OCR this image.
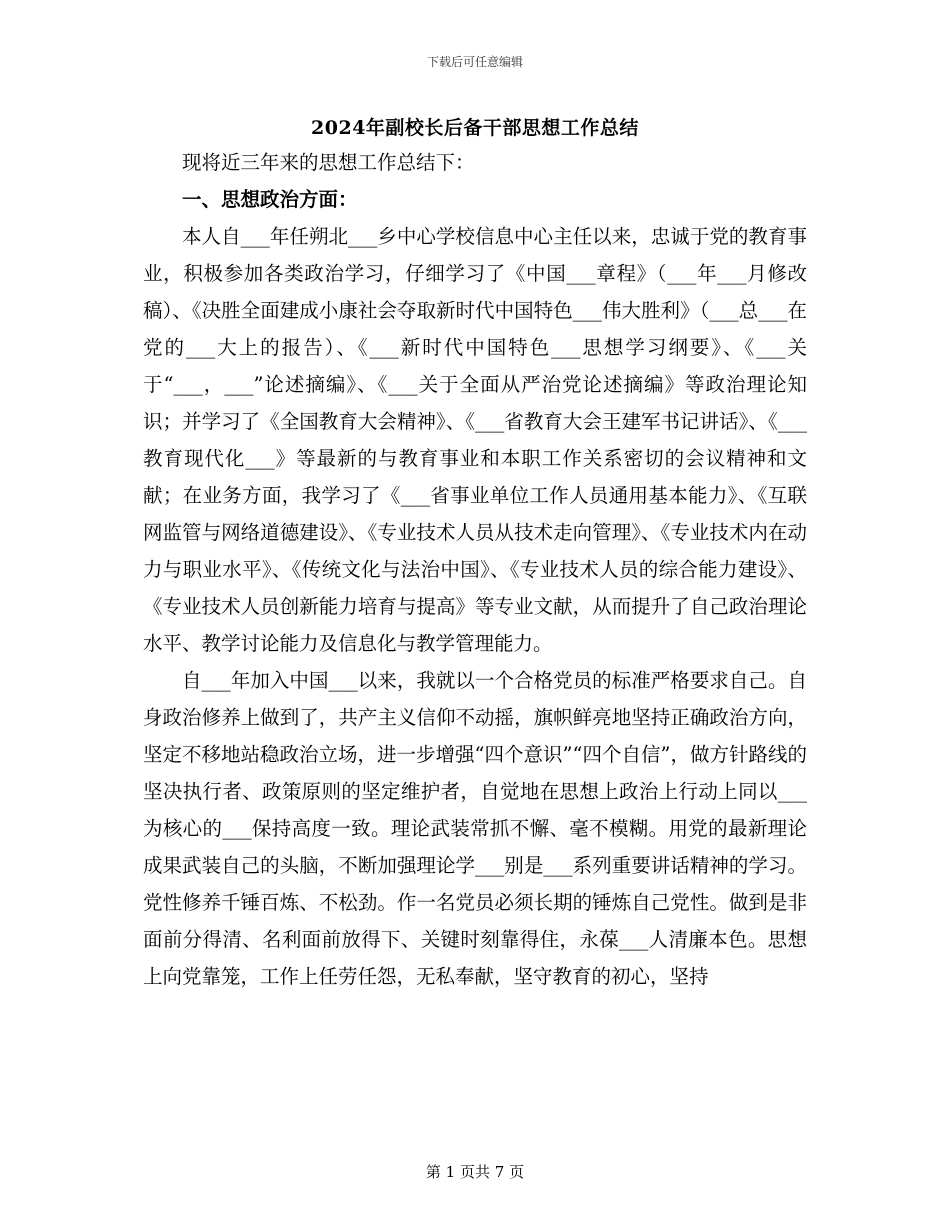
下载后可任意编辑
2024年副校长后备干部思想工作总结

现将近三年来的思想工作总结下：

一、思想政治方面：

本人自___年任朔北___乡中心学校信息中心主任以来，忠诚于党的教育事业，积极参加各类政治学习，仔细学习了《中国___章程》（___年___月修改稿）、《决胜全面建成小康社会夺取新时代中国特色___伟大胜利》（___总___在党的___大上的报告）、《___新时代中国特色___思想学习纲要》、《___关于“___，___”论述摘编》、《___关于全面从严治党论述摘编》等政治理论知识；并学习了《全国教育大会精神》、《___省教育大会王建军书记讲话》、《___教育现代化___》等最新的与教育事业和本职工作关系密切的会议精神和文献；在业务方面，我学习了《___省事业单位工作人员通用基本能力》、《互联网监管与网络道德建设》、《专业技术人员从技术走向管理》、《专业技术内在动力与职业水平》、《传统文化与法治中国》、《专业技术人员的综合能力建设》、《专业技术人员创新能力培育与提高》等专业文献，从而提升了自己政治理论水平、教学讨论能力及信息化与教学管理能力。

自___年加入中国___以来，我就以一个合格党员的标准严格要求自己。自身政治修养上做到了，共产主义信仰不动摇，旗帜鲜亮地坚持正确政治方向，坚定不移地站稳政治立场，进一步增强“四个意识”“四个自信”，做方针路线的坚决执行者、政策原则的坚定维护者，自觉地在思想上政治上行动上同以___为核心的___保持高度一致。理论武装常抓不懈、毫不模糊。用党的最新理论成果武装自己的头脑，不断加强理论学___别是___系列重要讲话精神的学习。党性修养千锤百炼、不松劲。作一名党员必须长期的锤炼自己党性。做到是非面前分得清、名利面前放得下、关键时刻靠得住，永葆___人清廉本色。思想上向党靠笼，工作上任劳任怨，无私奉献，坚守教育的初心，坚持

第 1 页共 7 页
